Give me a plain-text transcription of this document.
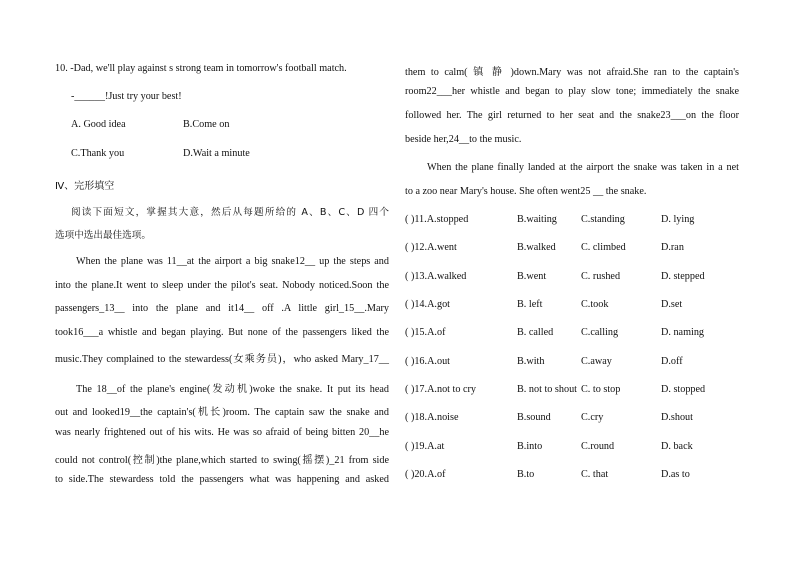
10. -Dad, we'll play against s strong team in tomorrow's football match.
-______!Just try your best!
A. Good idea	B.Come on
C.Thank you	D.Wait a minute
Ⅳ、完形填空
阅读下面短文，掌握其大意，然后从每题所给的 A、B、C、D 四个
选项中选出最佳选项。
When the plane was 11__at the airport a big snake12__ up the steps and
into the plane.It went to sleep under the pilot's seat. Nobody noticed.Soon the
passengers_13__ into the plane and it14__ off .A little girl_15__.Mary
took16___a whistle and began playing. But none of the passengers liked the
music.They complained to the stewardess(女乘务员)，who asked Mary_17__
The 18__of the plane's engine(发动机)woke the snake. It put its head
out and looked19__the captain's(机长)room. The captain saw the snake and
was nearly frightened out of his wits. He was so afraid of being bitten 20__he
could not control(控制)the plane,which started to swing(摇摆)_21 from side
to side.The stewardess told the passengers what was happening and asked
them to calm( 镇 静 )down.Mary was not afraid.She ran to the captain's
room22___her whistle and began to play slow tone; immediately the snake
followed her. The girl returned to her seat and the snake23___on the floor
beside her,24__to the music.
When the plane finally landed at the airport the snake was taken in a net
to a zoo near Mary's house. She often went25 __ the snake.
( )11.A.stopped	B.waiting C.standing	D. lying
( )12.A.went	B.walked C. climbed	D.ran
( )13.A.walked	B.went	C. rushed	D. stepped
( )14.A.got	B. left	C.took	D.set
( )15.A.of	B. called	C.calling	D. naming
( )16.A.out	B.with	C.away	D.off
( )17.A.not to cry	B. not to shout C. to stop	D. stopped
( )18.A.noise	B.sound	C.cry	D.shout
( )19.A.at	B.into	C.round	D. back
( )20.A.of	B.to	C. that	D.as to
